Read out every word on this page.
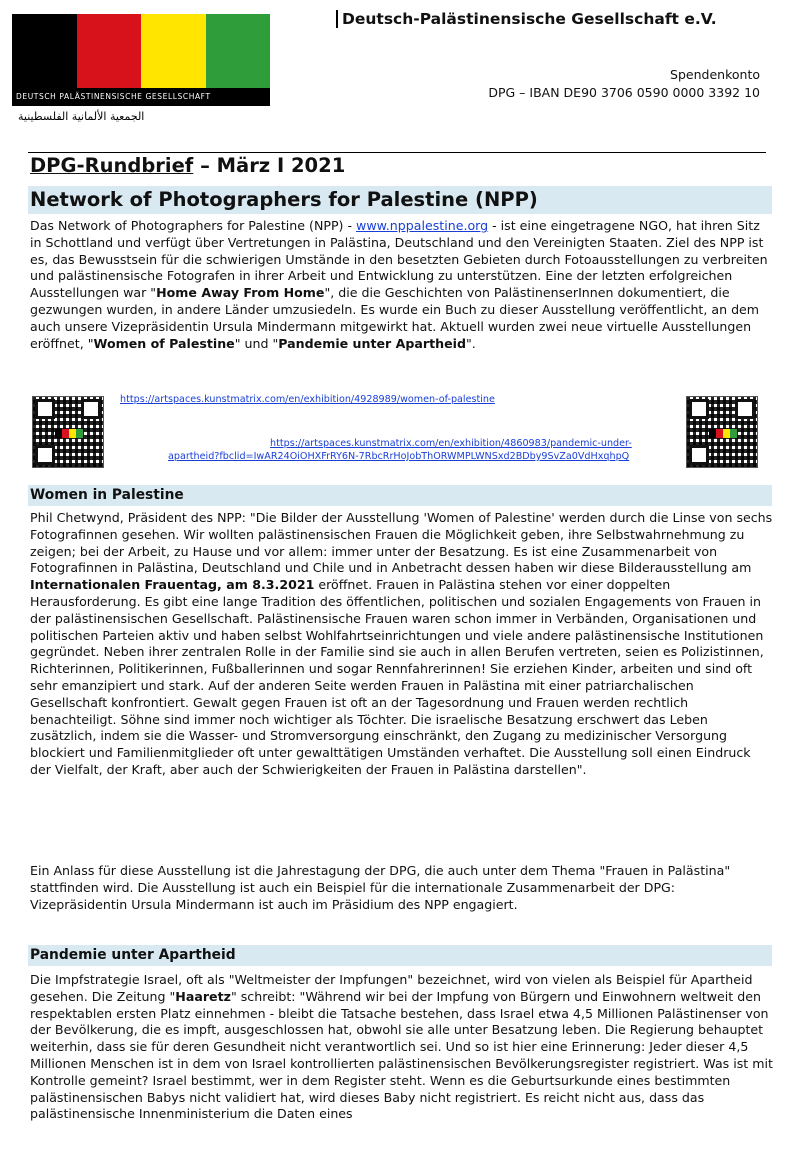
DEUTSCH PALÄSTINENSISCHE GESELLSCHAFT
الجمعية الألمانية الفلسطينية
Deutsch-Palästinensische Gesellschaft e.V.
Spendenkonto
DPG – IBAN DE90 3706 0590 0000 3392 10
DPG-Rundbrief – März I 2021
Network of Photographers for Palestine (NPP)
Das Network of Photographers for Palestine (NPP) - www.nppalestine.org - ist eine eingetragene NGO, hat ihren Sitz in Schottland und verfügt über Vertretungen in Palästina, Deutschland und den Vereinigten Staaten. Ziel des NPP ist es, das Bewusstsein für die schwierigen Umstände in den besetzten Gebieten durch Fotoausstellungen zu verbreiten und palästinensische Fotografen in ihrer Arbeit und Entwicklung zu unterstützen. Eine der letzten erfolgreichen Ausstellungen war "Home Away From Home", die die Geschichten von PalästinenserInnen dokumentiert, die gezwungen wurden, in andere Länder umzusiedeln. Es wurde ein Buch zu dieser Ausstellung veröffentlicht, an dem auch unsere Vizepräsidentin Ursula Mindermann mitgewirkt hat. Aktuell wurden zwei neue virtuelle Ausstellungen eröffnet, "Women of Palestine" und "Pandemie unter Apartheid".
https://artspaces.kunstmatrix.com/en/exhibition/4928989/women-of-palestine
https://artspaces.kunstmatrix.com/en/exhibition/4860983/pandemic-under-
apartheid?fbclid=IwAR24OiOHXFrRY6N-7RbcRrHoJobThORWMPLWNSxd2BDby9SvZa0VdHxqhpQ
Women in Palestine
Phil Chetwynd, Präsident des NPP: "Die Bilder der Ausstellung 'Women of Palestine' werden durch die Linse von sechs Fotografinnen gesehen. Wir wollten palästinensischen Frauen die Möglichkeit geben, ihre Selbstwahrnehmung zu zeigen; bei der Arbeit, zu Hause und vor allem: immer unter der Besatzung. Es ist eine Zusammenarbeit von Fotografinnen in Palästina, Deutschland und Chile und in Anbetracht dessen haben wir diese Bilderausstellung am Internationalen Frauentag, am 8.3.2021 eröffnet. Frauen in Palästina stehen vor einer doppelten Herausforderung. Es gibt eine lange Tradition des öffentlichen, politischen und sozialen Engagements von Frauen in der palästinensischen Gesellschaft. Palästinensische Frauen waren schon immer in Verbänden, Organisationen und politischen Parteien aktiv und haben selbst Wohlfahrtseinrichtungen und viele andere palästinensische Institutionen gegründet. Neben ihrer zentralen Rolle in der Familie sind sie auch in allen Berufen vertreten, seien es Polizistinnen, Richterinnen, Politikerinnen, Fußballerinnen und sogar Rennfahrerinnen! Sie erziehen Kinder, arbeiten und sind oft sehr emanzipiert und stark. Auf der anderen Seite werden Frauen in Palästina mit einer patriarchalischen Gesellschaft konfrontiert. Gewalt gegen Frauen ist oft an der Tagesordnung und Frauen werden rechtlich benachteiligt. Söhne sind immer noch wichtiger als Töchter. Die israelische Besatzung erschwert das Leben zusätzlich, indem sie die Wasser- und Stromversorgung einschränkt, den Zugang zu medizinischer Versorgung blockiert und Familienmitglieder oft unter gewalttätigen Umständen verhaftet. Die Ausstellung soll einen Eindruck der Vielfalt, der Kraft, aber auch der Schwierigkeiten der Frauen in Palästina darstellen".
Ein Anlass für diese Ausstellung ist die Jahrestagung der DPG, die auch unter dem Thema "Frauen in Palästina" stattfinden wird. Die Ausstellung ist auch ein Beispiel für die internationale Zusammenarbeit der DPG: Vizepräsidentin Ursula Mindermann ist auch im Präsidium des NPP engagiert.
Pandemie unter Apartheid
Die Impfstrategie Israel, oft als "Weltmeister der Impfungen" bezeichnet, wird von vielen als Beispiel für Apartheid gesehen. Die Zeitung "Haaretz" schreibt: "Während wir bei der Impfung von Bürgern und Einwohnern weltweit den respektablen ersten Platz einnehmen - bleibt die Tatsache bestehen, dass Israel etwa 4,5 Millionen Palästinenser von der Bevölkerung, die es impft, ausgeschlossen hat, obwohl sie alle unter Besatzung leben. Die Regierung behauptet weiterhin, dass sie für deren Gesundheit nicht verantwortlich sei. Und so ist hier eine Erinnerung: Jeder dieser 4,5 Millionen Menschen ist in dem von Israel kontrollierten palästinensischen Bevölkerungsregister registriert. Was ist mit Kontrolle gemeint? Israel bestimmt, wer in dem Register steht. Wenn es die Geburtsurkunde eines bestimmten palästinensischen Babys nicht validiert hat, wird dieses Baby nicht registriert. Es reicht nicht aus, dass das palästinensische Innenministerium die Daten eines
